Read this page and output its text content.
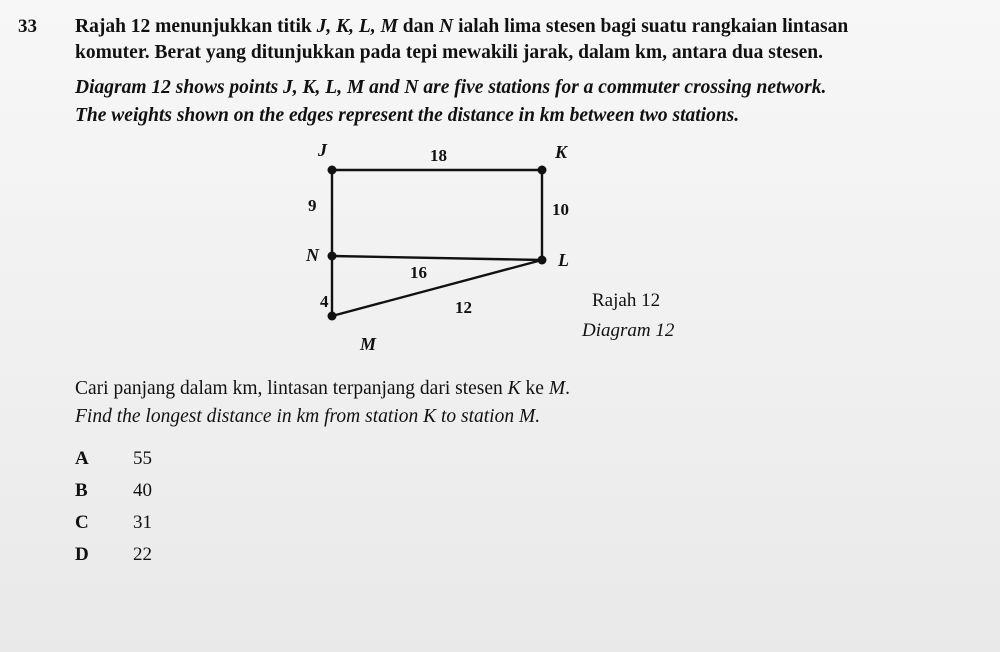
33 Rajah 12 menunjukkan titik J, K, L, M dan N ialah lima stesen bagi suatu rangkaian lintasan
komuter. Berat yang ditunjukkan pada tepi mewakili jarak, dalam km, antara dua stesen.
Diagram 12 shows points J, K, L, M and N are five stations for a commuter crossing network.
The weights shown on the edges represent the distance in km between two stations.
J	K
N	L
M
18
9	10
16
4	12	Rajah 12
Diagram 12
Cari panjang dalam km, lintasan terpanjang dari stesen K ke M.
Find the longest distance in km from station K to station M.
A 55
B 40
C 31
D 22
